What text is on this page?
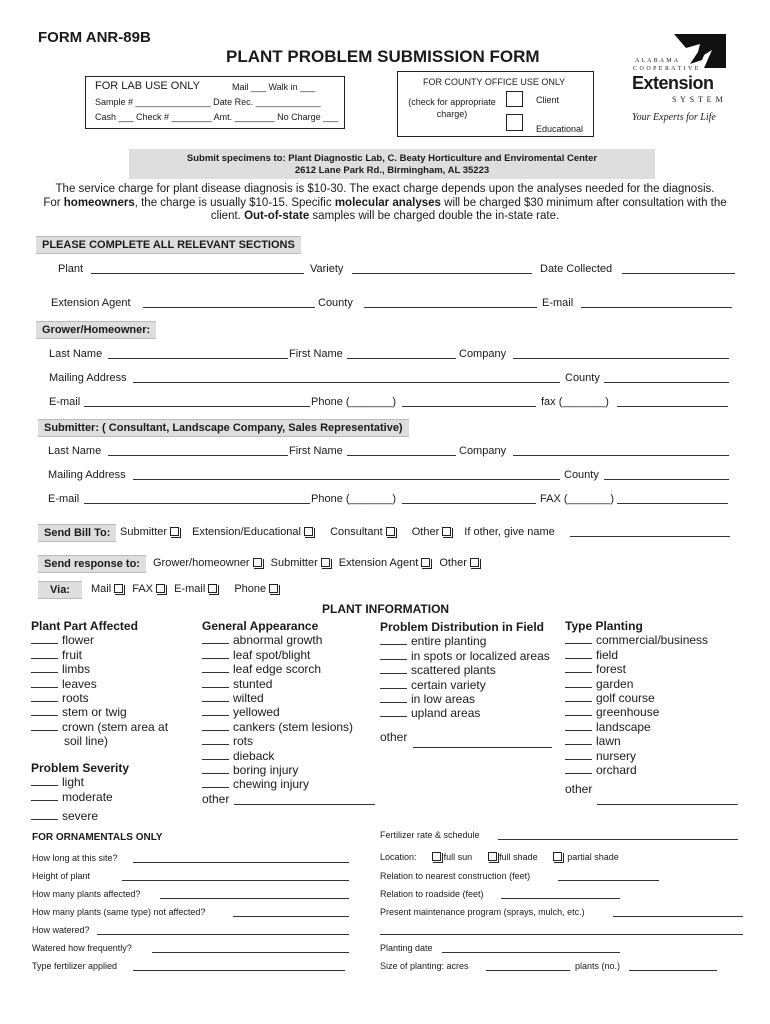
FORM ANR-89B
PLANT PROBLEM SUBMISSION FORM	A L A B A M A
C O O P E R A T I V E
Extension
S Y S T E M
Your Experts for Life
FOR LAB USE ONLY	Mail ___ Walk in ___
Sample # _______________ Date Rec. _____________
Cash ___ Check # ________ Amt. ________ No Charge ___
FOR COUNTY OFFICE USE ONLY
(check for appropriate charge)
Client
Educational
Submit specimens to: Plant Diagnostic Lab, C. Beaty Horticulture and Enviromental Center
2612 Lane Park Rd., Birmingham, AL 35223
The service charge for plant disease diagnosis is $10-30. The exact charge depends upon the analyses needed for the diagnosis.
For homeowners, the charge is usually $10-15. Specific molecular analyses will be charged $30 minimum after consultation with the
client. Out-of-state samples will be charged double the in-state rate.
PLEASE COMPLETE ALL RELEVANT SECTIONS
Plant	Variety	Date Collected
Extension Agent	County	E-mail
Grower/Homeowner:
Last Name	First Name	Company
Mailing Address	County
E-mail	Phone (_______)	fax (_______)
Submitter: ( Consultant, Landscape Company, Sales Representative)
Last Name	First Name	Company
Mailing Address	County
E-mail	Phone (_______)	FAX (_______)
Send Bill To: Submitter Extension/Educational	Consultant	Other If other, give name
Send response to:	Grower/homeowner Submitter Extension Agent Other
Via:	Mail FAX E-mail	Phone
PLANT INFORMATION
Plant Part Affected
flower
fruit
limbs
leaves
roots
stem or twig
crown (stem area at
soil line)
Problem Severity
light
moderate
severe
General Appearance
abnormal growth
leaf spot/blight
leaf edge scorch
stunted
wilted
yellowed
cankers (stem lesions)
rots
dieback
boring injury
chewing injury
other
Problem Distribution in Field
entire planting
in spots or localized areas
scattered plants
certain variety
in low areas
upland areas
other
Type Planting
commercial/business
field
forest
garden
golf course
greenhouse
landscape
lawn
nursery
orchard
other
FOR ORNAMENTALS ONLY
How long at this site?
Height of plant
How many plants affected?
How many plants (same type) not affected?
How watered?
Watered how frequently?
Type fertilizer applied
Fertilizer rate & schedule
Location:	full sun	full shade	partial shade
Relation to nearest construction (feet)
Relation to roadside (feet)
Present maintenance program (sprays, mulch, etc.)
Planting date
Size of planting: acres	plants (no.)
